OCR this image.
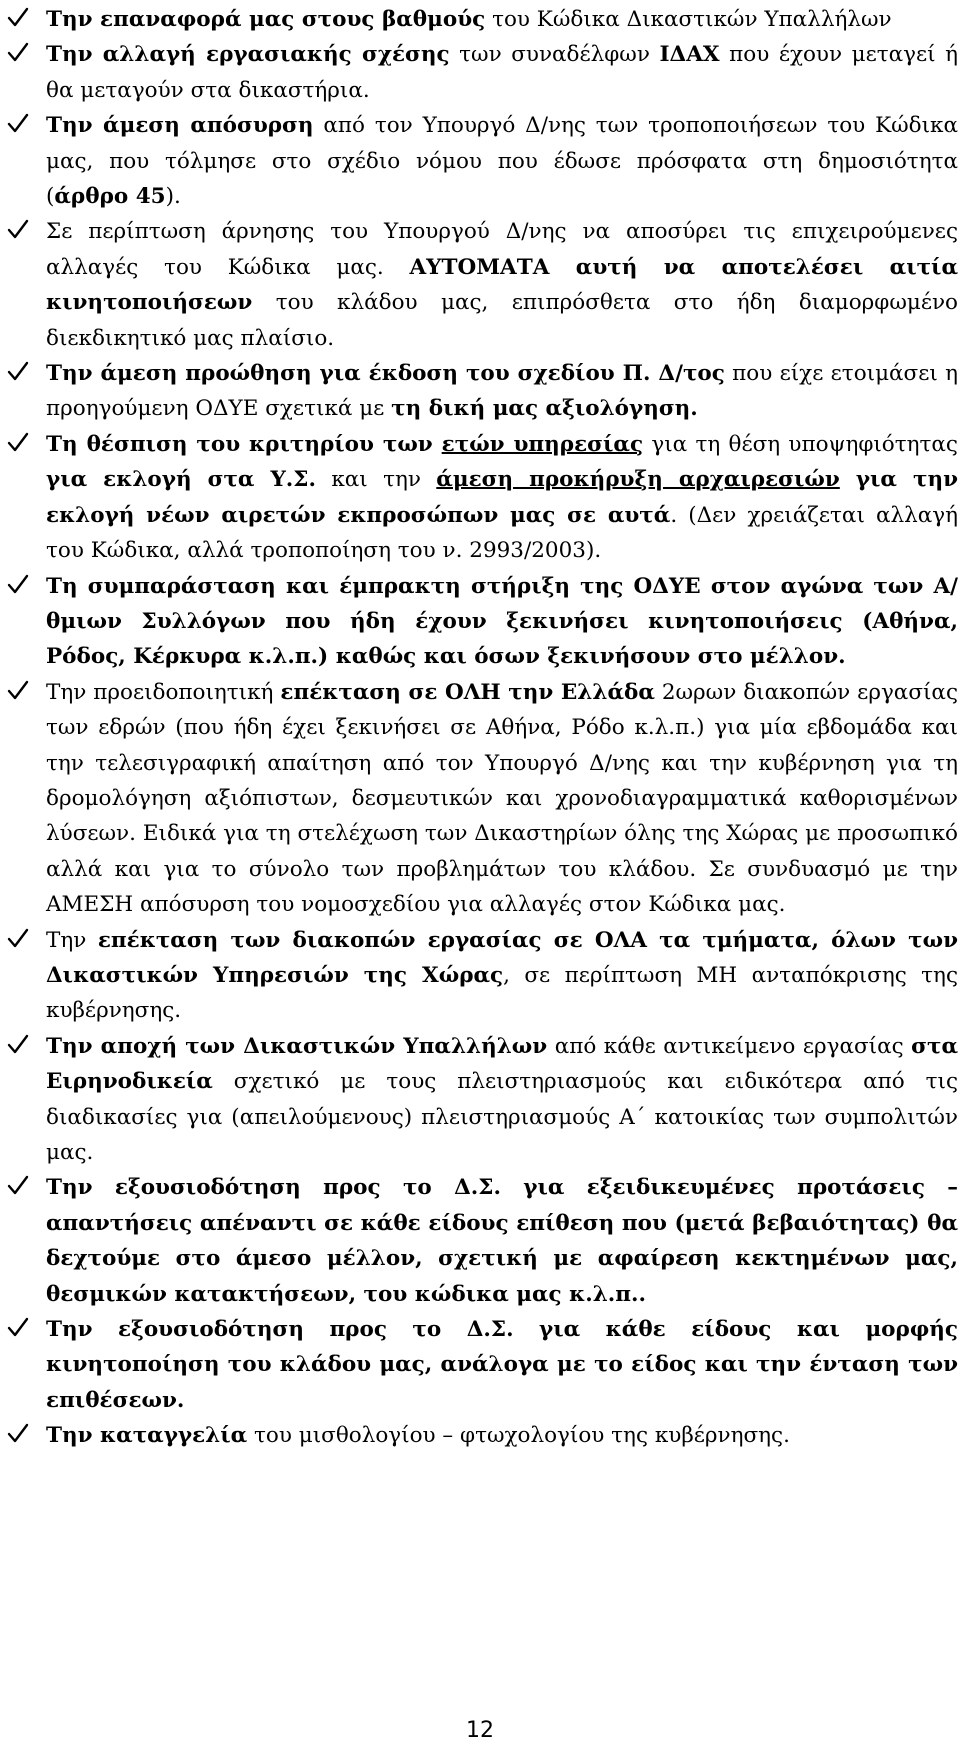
Την επαναφορά μας στους βαθμούς του Κώδικα Δικαστικών Υπαλλήλων
Την αλλαγή εργασιακής σχέσης των συναδέλφων ΙΔΑΧ που έχουν μεταγεί ή θα μεταγούν στα δικαστήρια.
Την άμεση απόσυρση από τον Υπουργό Δ/νης των τροποποιήσεων του Κώδικα μας, που τόλμησε στο σχέδιο νόμου που έδωσε πρόσφατα στη δημοσιότητα (άρθρο 45).
Σε περίπτωση άρνησης του Υπουργού Δ/νης να αποσύρει τις επιχειρούμενες αλλαγές του Κώδικα μας. ΑΥΤΟΜΑΤΑ αυτή να αποτελέσει αιτία κινητοποιήσεων του κλάδου μας, επιπρόσθετα στο ήδη διαμορφωμένο διεκδικητικό μας πλαίσιο.
Την άμεση προώθηση για έκδοση του σχεδίου Π. Δ/τος που είχε ετοιμάσει η προηγούμενη ΟΔΥΕ σχετικά με τη δική μας αξιολόγηση.
Τη θέσπιση του κριτηρίου των ετών υπηρεσίας για τη θέση υποψηφιότητας για εκλογή στα Υ.Σ. και την άμεση προκήρυξη αρχαιρεσιών για την εκλογή νέων αιρετών εκπροσώπων μας σε αυτά. (Δεν χρειάζεται αλλαγή του Κώδικα, αλλά τροποποίηση του ν. 2993/2003).
Τη συμπαράσταση και έμπρακτη στήριξη της ΟΔΥΕ στον αγώνα των Α/θμιων Συλλόγων που ήδη έχουν ξεκινήσει κινητοποιήσεις (Αθήνα, Ρόδος, Κέρκυρα κ.λ.π.) καθώς και όσων ξεκινήσουν στο μέλλον.
Την προειδοποιητική επέκταση σε ΟΛΗ την Ελλάδα 2ωρων διακοπών εργασίας των εδρών (που ήδη έχει ξεκινήσει σε Αθήνα, Ρόδο κ.λ.π.) για μία εβδομάδα και την τελεσιγραφική απαίτηση από τον Υπουργό Δ/νης και την κυβέρνηση για τη δρομολόγηση αξιόπιστων, δεσμευτικών και χρονοδιαγραμματικά καθορισμένων λύσεων. Ειδικά για τη στελέχωση των Δικαστηρίων όλης της Χώρας με προσωπικό αλλά και για το σύνολο των προβλημάτων του κλάδου. Σε συνδυασμό με την ΑΜΕΣΗ απόσυρση του νομοσχεδίου για αλλαγές στον Κώδικα μας.
Την επέκταση των διακοπών εργασίας σε ΟΛΑ τα τμήματα, όλων των Δικαστικών Υπηρεσιών της Χώρας, σε περίπτωση ΜΗ ανταπόκρισης της κυβέρνησης.
Την αποχή των Δικαστικών Υπαλλήλων από κάθε αντικείμενο εργασίας στα Ειρηνοδικεία σχετικό με τους πλειστηριασμούς και ειδικότερα από τις διαδικασίες για (απειλούμενους) πλειστηριασμούς Α΄ κατοικίας των συμπολιτών μας.
Την εξουσιοδότηση προς το Δ.Σ. για εξειδικευμένες προτάσεις – απαντήσεις απέναντι σε κάθε είδους επίθεση που (μετά βεβαιότητας) θα δεχτούμε στο άμεσο μέλλον, σχετική με αφαίρεση κεκτημένων μας, θεσμικών κατακτήσεων, του κώδικα μας κ.λ.π..
Την εξουσιοδότηση προς το Δ.Σ. για κάθε είδους και μορφής κινητοποίηση του κλάδου μας, ανάλογα με το είδος και την ένταση των επιθέσεων.
Την καταγγελία του μισθολογίου – φτωχολογίου της κυβέρνησης.
12
